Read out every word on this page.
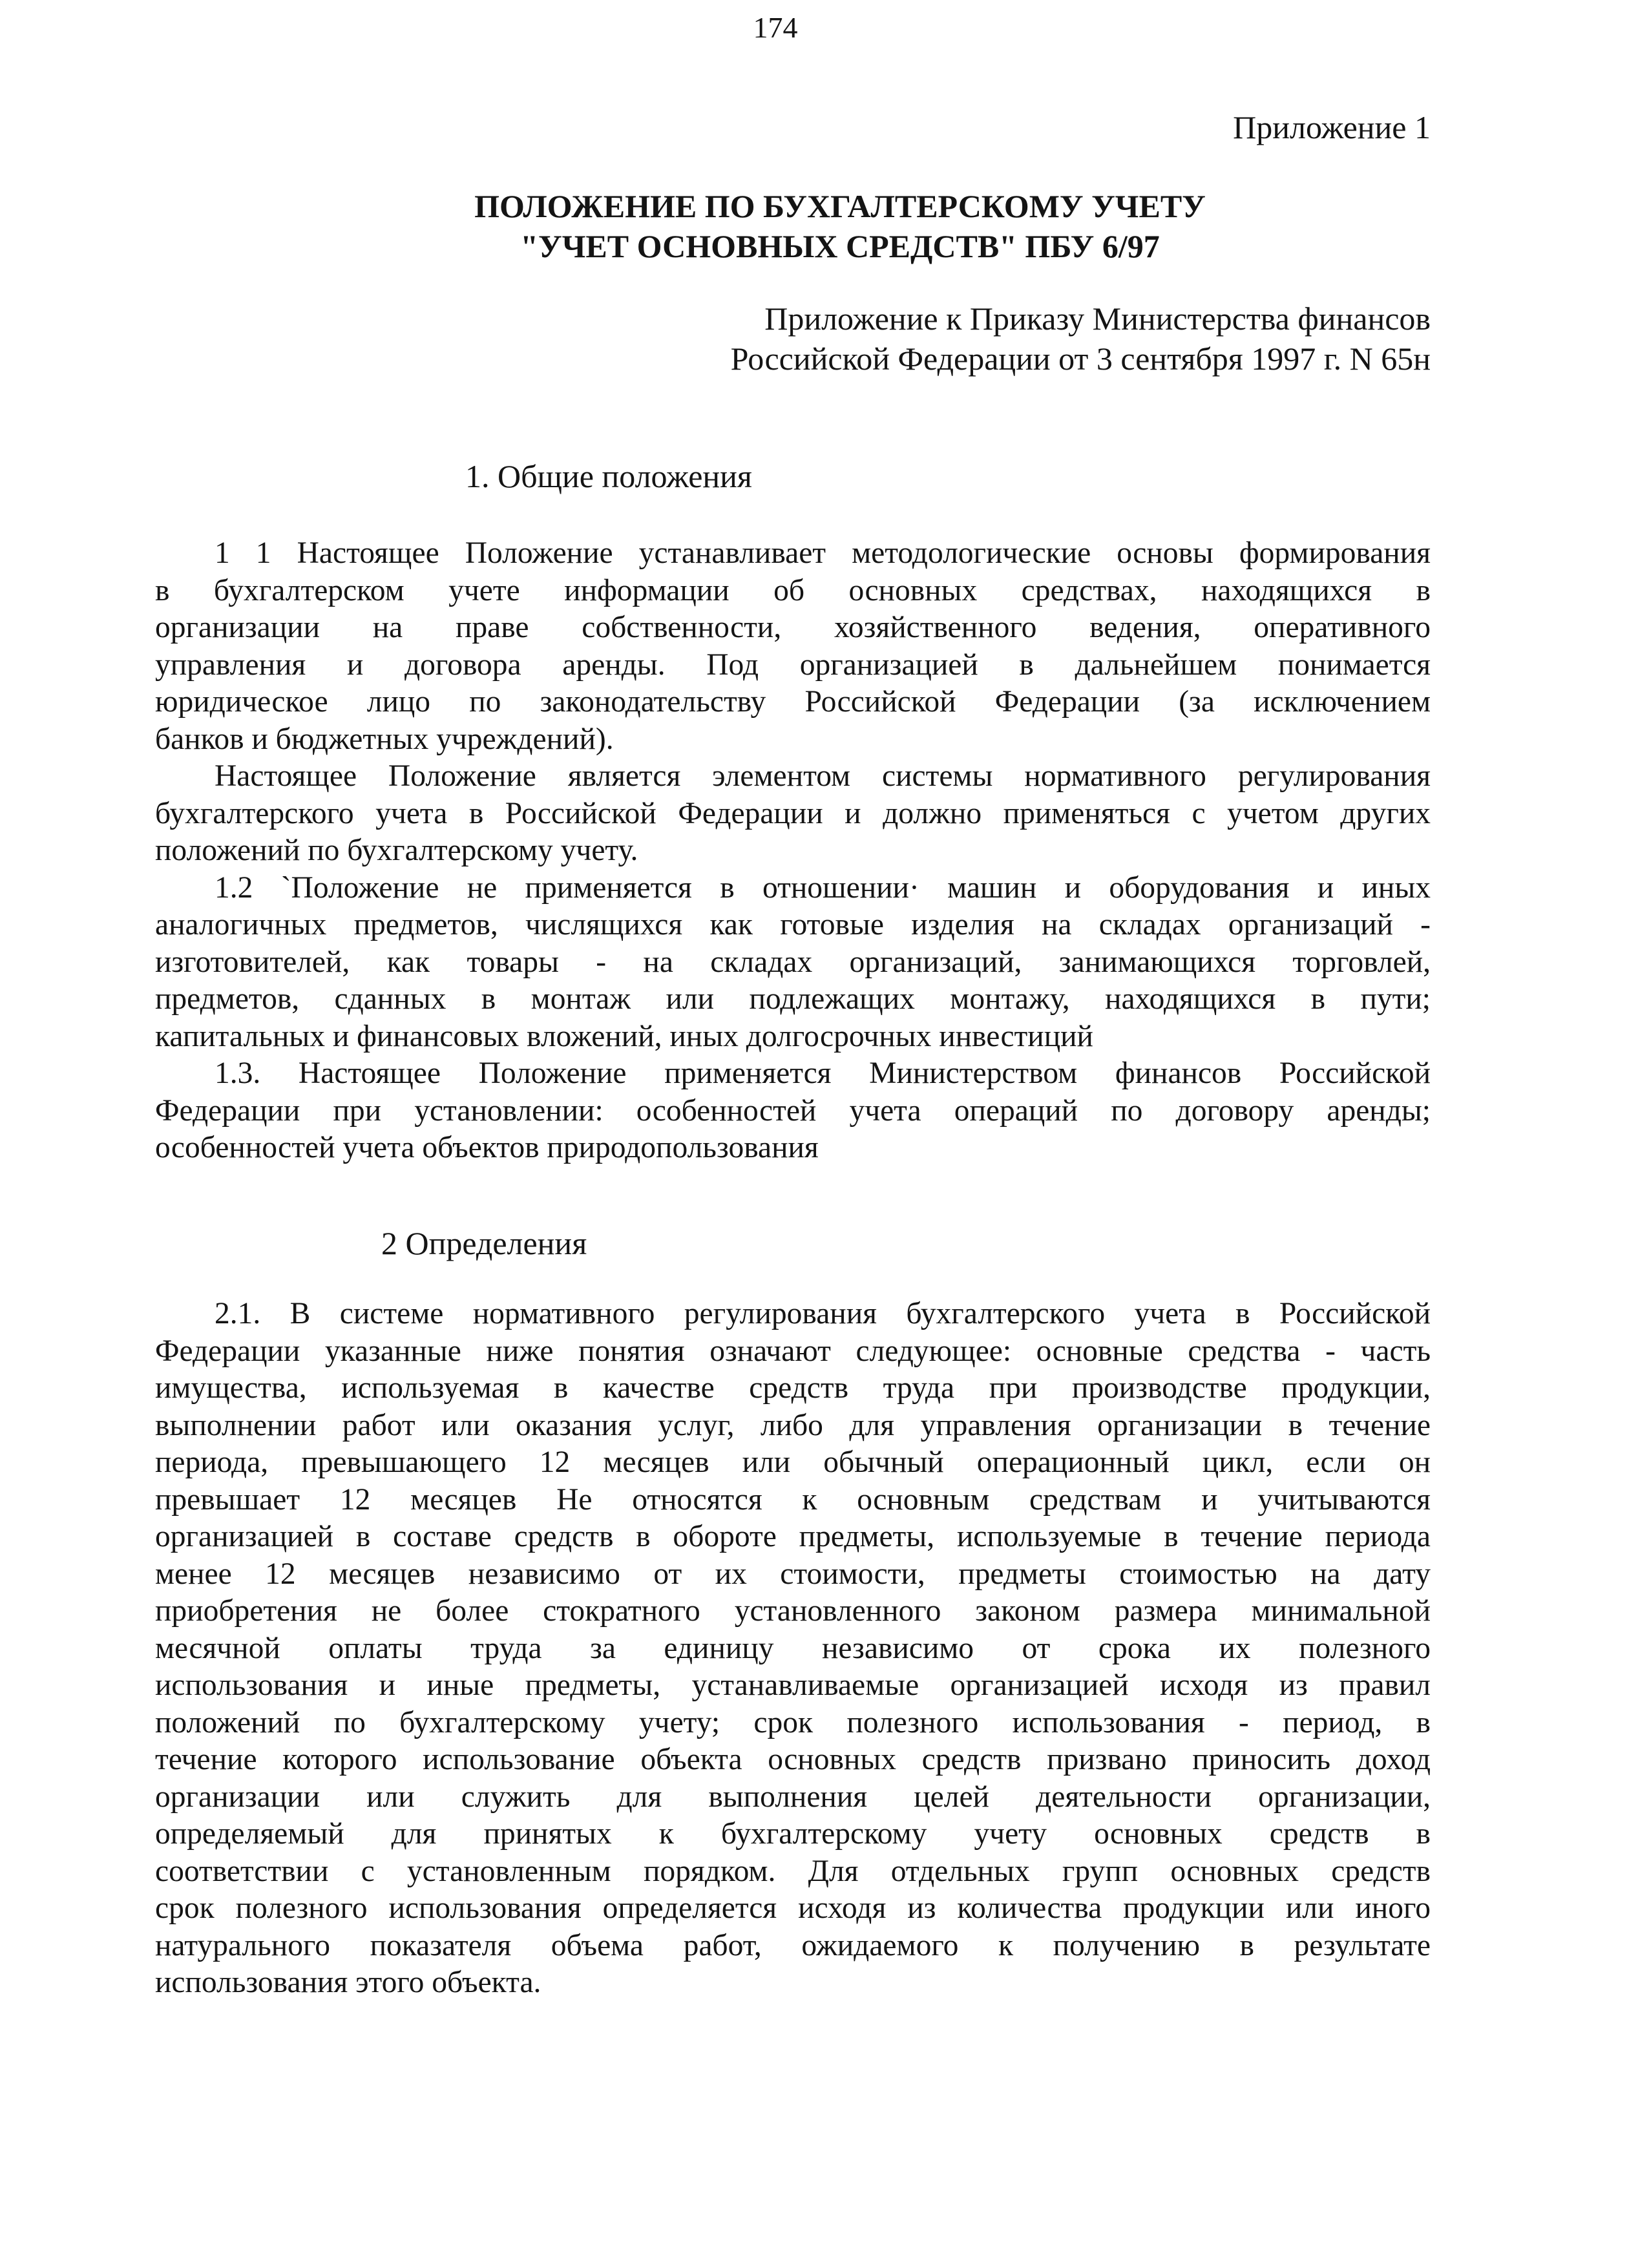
174
Приложение 1
ПОЛОЖЕНИЕ ПО БУХГАЛТЕРСКОМУ УЧЕТУ
"УЧЕТ ОСНОВНЫХ СРЕДСТВ" ПБУ 6/97
Приложение к Приказу Министерства финансов
Российской Федерации от 3 сентября 1997 г. N 65н
1. Общие положения
1 1 Настоящее Положение устанавливает методологические основы формирования
в бухгалтерском учете информации об основных средствах, находящихся в
организации на праве собственности, хозяйственного ведения, оперативного
управления и договора аренды. Под организацией в дальнейшем понимается
юридическое лицо по законодательству Российской Федерации (за исключением
банков и бюджетных учреждений).
Настоящее Положение является элементом системы нормативного регулирования
бухгалтерского учета в Российской Федерации и должно применяться с учетом других
положений по бухгалтерскому учету.
1.2 `Положение не применяется в отношении· машин и оборудования и иных
аналогичных предметов, числящихся как готовые изделия на складах организаций -
изготовителей, как товары - на складах организаций, занимающихся торговлей,
предметов, сданных в монтаж или подлежащих монтажу, находящихся в пути;
капитальных и финансовых вложений, иных долгосрочных инвестиций
1.3. Настоящее Положение применяется Министерством финансов Российской
Федерации при установлении: особенностей учета операций по договору аренды;
особенностей учета объектов природопользования
2 Определения
2.1. В системе нормативного регулирования бухгалтерского учета в Российской
Федерации указанные ниже понятия означают следующее: основные средства - часть
имущества, используемая в качестве средств труда при производстве продукции,
выполнении работ или оказания услуг, либо для управления организации в течение
периода, превышающего 12 месяцев или обычный операционный цикл, если он
превышает 12 месяцев Не относятся к основным средствам и учитываются
организацией в составе средств в обороте предметы, используемые в течение периода
менее 12 месяцев независимо от их стоимости, предметы стоимостью на дату
приобретения не более стократного установленного законом размера минимальной
месячной оплаты труда за единицу независимо от срока их полезного
использования и иные предметы, устанавливаемые организацией исходя из правил
положений по бухгалтерскому учету; срок полезного использования - период, в
течение которого использование объекта основных средств призвано приносить доход
организации или служить для выполнения целей деятельности организации,
определяемый для принятых к бухгалтерскому учету основных средств в
соответствии с установленным порядком. Для отдельных групп основных средств
срок полезного использования определяется исходя из количества продукции или иного
натурального показателя объема работ, ожидаемого к получению в результате
использования этого объекта.
